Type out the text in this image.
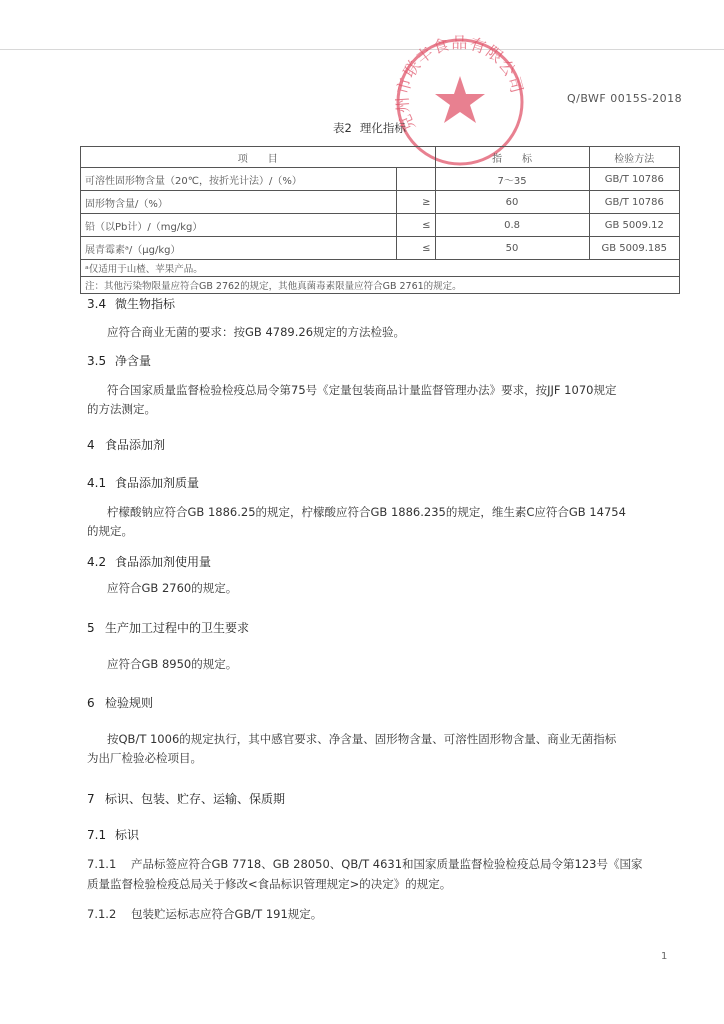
克州市联丰食品有限公司
Q/BWF 0015S-2018
表2 理化指标
项　　目		指　　标	检验方法
可溶性固形物含量（20℃，按折光计法）/（%）		7～35	GB/T 10786
固形物含量/（%）	≥	60	GB/T 10786
铅（以Pb计）/（mg/kg）	≤	0.8	GB 5009.12
展青霉素ᵃ/（μg/kg）	≤	50	GB 5009.185
ᵃ仅适用于山楂、苹果产品。			
注：其他污染物限量应符合GB 2762的规定，其他真菌毒素限量应符合GB 2761的规定。			
3.4 微生物指标
应符合商业无菌的要求：按GB 4789.26规定的方法检验。
3.5 净含量
符合国家质量监督检验检疫总局令第75号《定量包装商品计量监督管理办法》要求，按JJF 1070规定
的方法测定。
4 食品添加剂
4.1 食品添加剂质量
柠檬酸钠应符合GB 1886.25的规定，柠檬酸应符合GB 1886.235的规定，维生素C应符合GB 14754
的规定。
4.2 食品添加剂使用量
应符合GB 2760的规定。
5 生产加工过程中的卫生要求
应符合GB 8950的规定。
6 检验规则
按QB/T 1006的规定执行，其中感官要求、净含量、固形物含量、可溶性固形物含量、商业无菌指标
为出厂检验必检项目。
7 标识、包装、贮存、运输、保质期
7.1 标识
7.1.1 产品标签应符合GB 7718、GB 28050、QB/T 4631和国家质量监督检验检疫总局令第123号《国家
质量监督检验检疫总局关于修改<食品标识管理规定>的决定》的规定。
7.1.2 包装贮运标志应符合GB/T 191规定。
1
